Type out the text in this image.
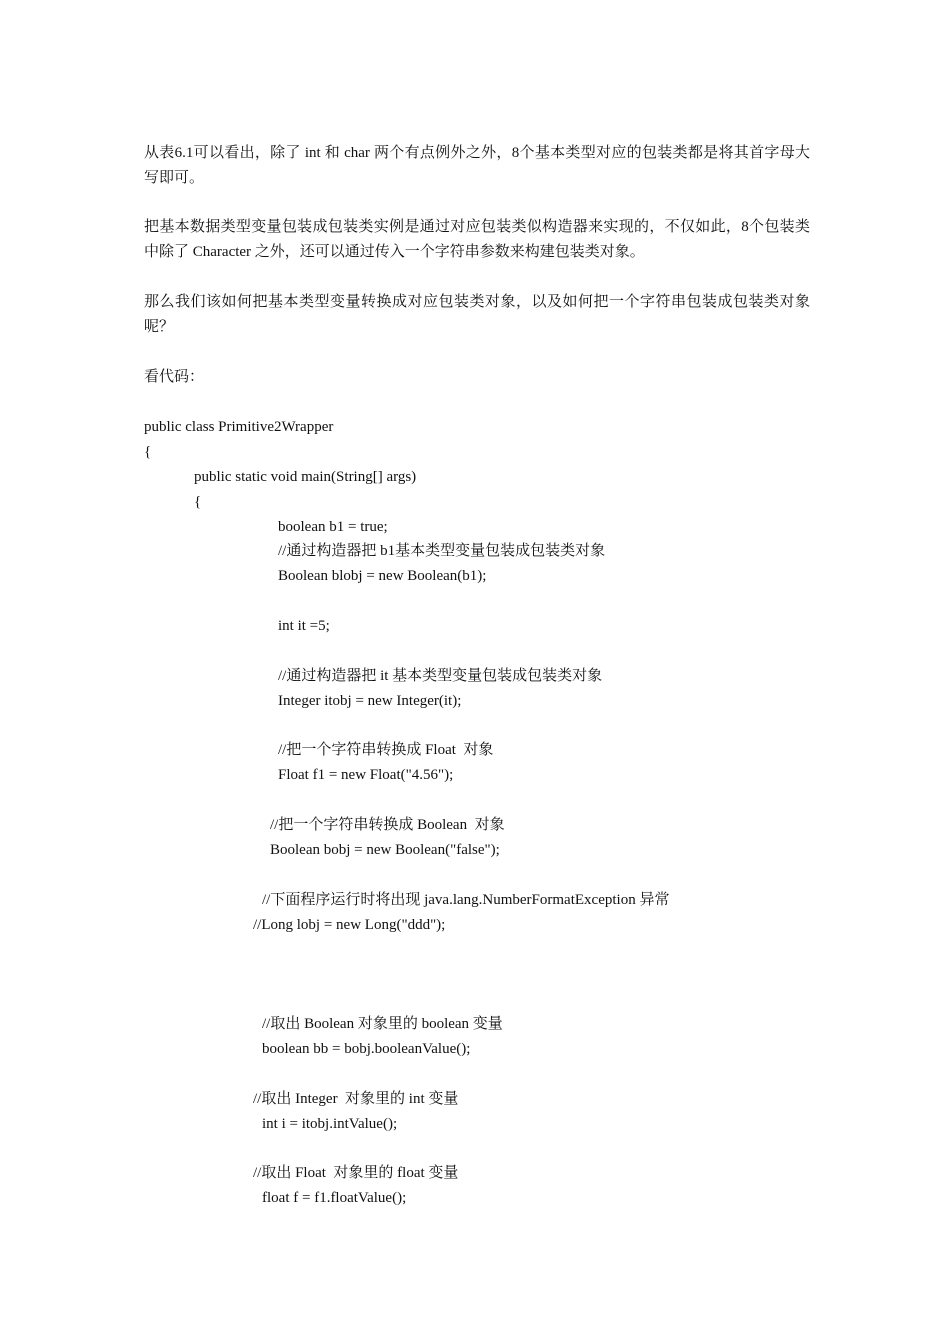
从表6.1可以看出，除了 int 和 char 两个有点例外之外，8个基本类型对应的包装类都是将其首字母大写即可。
把基本数据类型变量包装成包装类实例是通过对应包装类似构造器来实现的，不仅如此，8个包装类中除了 Character 之外，还可以通过传入一个字符串参数来构建包装类对象。
那么我们该如何把基本类型变量转换成对应包装类对象，以及如何把一个字符串包装成包装类对象呢？
看代码：
public class Primitive2Wrapper
{
public static void main(String[] args)
{
boolean b1 = true;
//通过构造器把 b1基本类型变量包装成包装类对象
Boolean blobj = new Boolean(b1);
int it =5;
//通过构造器把 it 基本类型变量包装成包装类对象
Integer itobj = new Integer(it);
//把一个字符串转换成 Float  对象
Float f1 = new Float("4.56");
//把一个字符串转换成 Boolean  对象
Boolean bobj = new Boolean("false");
//下面程序运行时将出现 java.lang.NumberFormatException 异常
//Long lobj = new Long("ddd");
//取出 Boolean 对象里的 boolean 变量
boolean bb = bobj.booleanValue();
//取出 Integer  对象里的 int 变量
int i = itobj.intValue();
//取出 Float  对象里的 float 变量
float f = f1.floatValue();
